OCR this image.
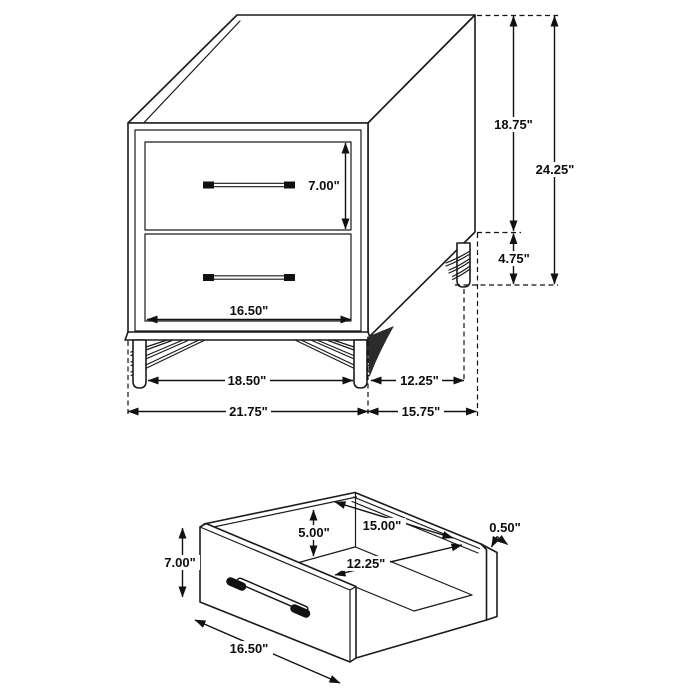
7.00"
16.50"
18.75"
24.25"
4.75"
18.50"	12.25"
21.75"	15.75"
7.00"
5.00"	15.00"
12.25"
0.50"
16.50"
